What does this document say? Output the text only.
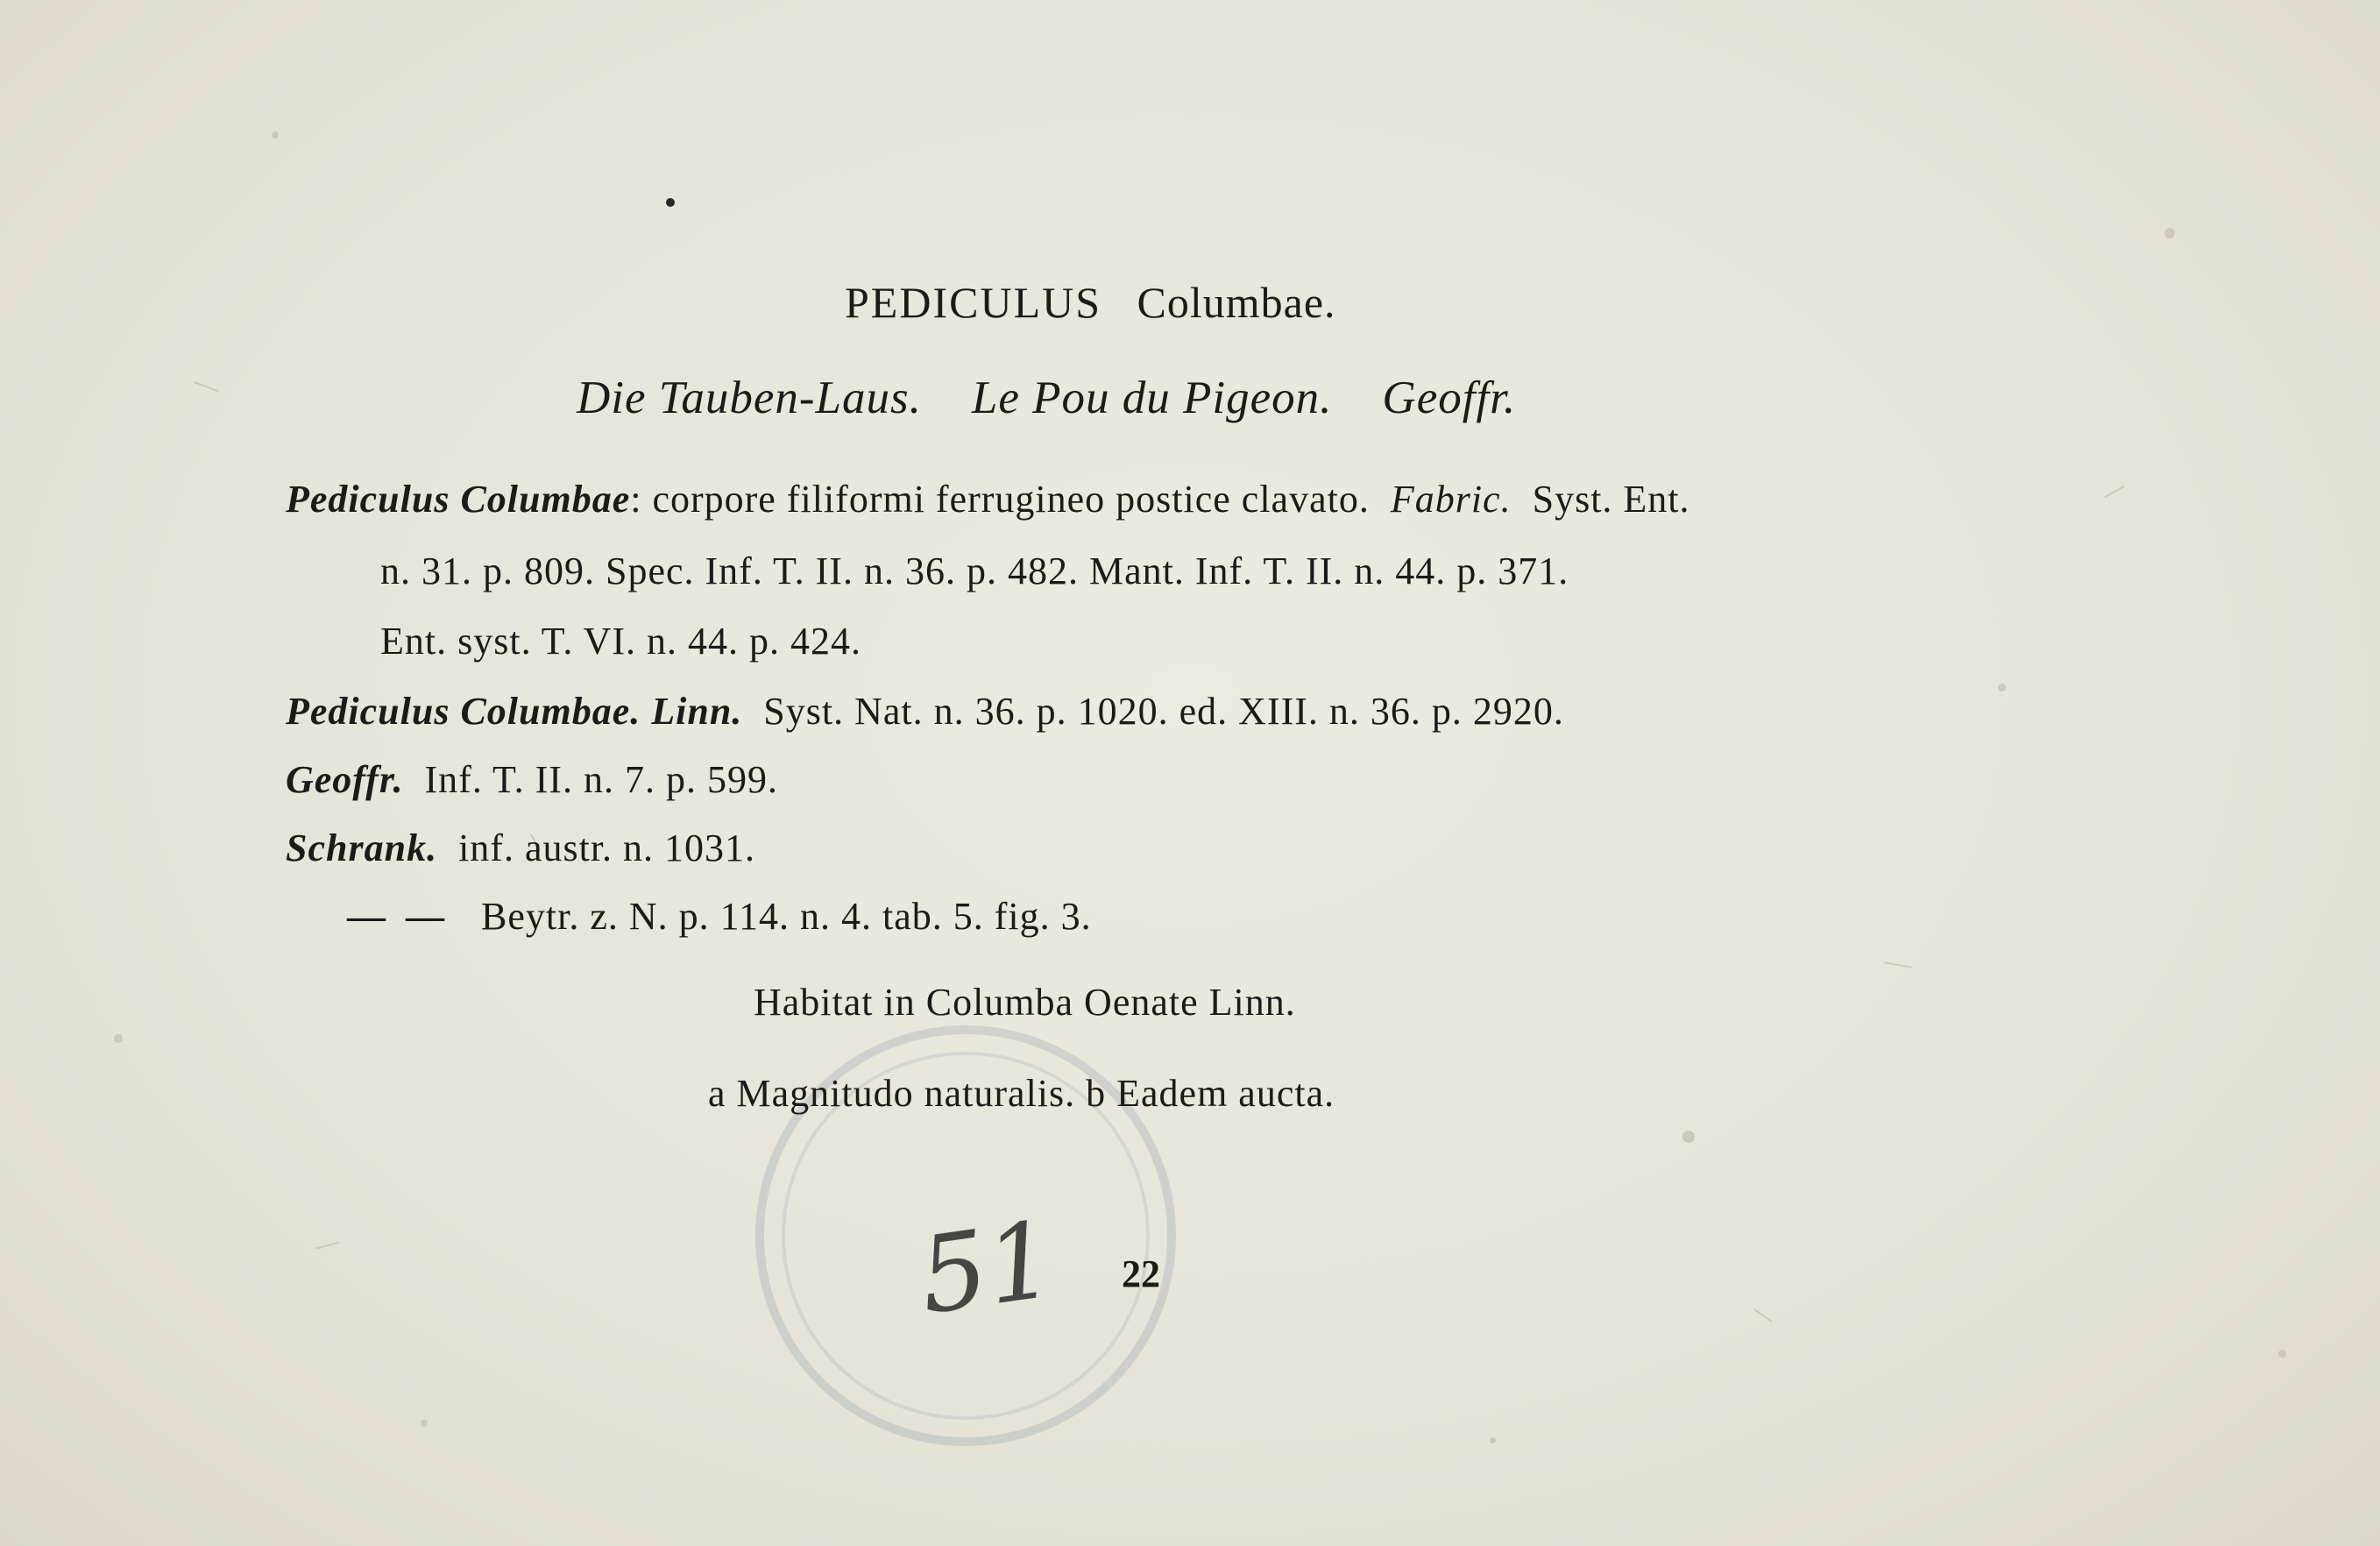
PEDICULUS Columbae.
Die Tauben-Laus. Le Pou du Pigeon. Geoffr.
Pediculus Columbae: corpore filiformi ferrugineo postice clavato. Fabric. Syst. Ent.
n. 31. p. 809. Spec. Inf. T. II. n. 36. p. 482. Mant. Inf. T. II. n. 44. p. 371.
Ent. syst. T. VI. n. 44. p. 424.
Pediculus Columbae. Linn. Syst. Nat. n. 36. p. 1020. ed. XIII. n. 36. p. 2920.
Geoffr. Inf. T. II. n. 7. p. 599.
Schrank. inf. austr. n. 1031.
— — Beytr. z. N. p. 114. n. 4. tab. 5. fig. 3.
Habitat in Columba Oenate Linn.
a Magnitudo naturalis. b Eadem aucta.
51 22
